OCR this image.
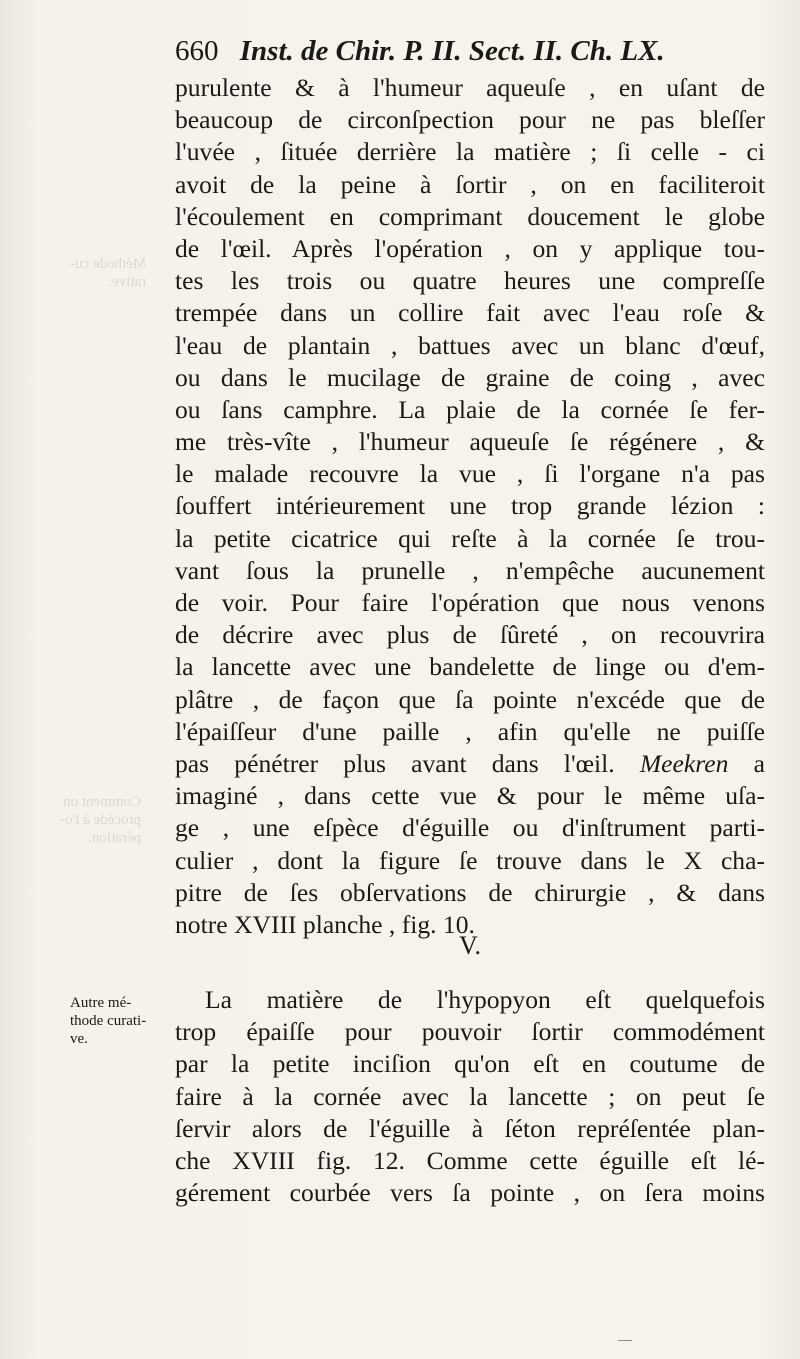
660 Inst. de Chir. P. II. Sect. II. Ch. LX.
purulente & à l'humeur aqueuſe , en uſant de
beaucoup de circonſpection pour ne pas bleſſer
l'uvée , ſituée derrière la matière ; ſi celle - ci
avoit de la peine à ſortir , on en faciliteroit
l'écoulement en comprimant doucement le globe
de l'œil. Après l'opération , on y applique tou-
tes les trois ou quatre heures une compreſſe
trempée dans un collire fait avec l'eau roſe &
l'eau de plantain , battues avec un blanc d'œuf,
ou dans le mucilage de graine de coing , avec
ou ſans camphre. La plaie de la cornée ſe fer-
me très-vîte , l'humeur aqueuſe ſe régénere , &
le malade recouvre la vue , ſi l'organe n'a pas
ſouffert intérieurement une trop grande lézion :
la petite cicatrice qui reſte à la cornée ſe trou-
vant ſous la prunelle , n'empêche aucunement
de voir. Pour faire l'opération que nous venons
de décrire avec plus de ſûreté , on recouvrira
la lancette avec une bandelette de linge ou d'em-
plâtre , de façon que ſa pointe n'excéde que de
l'épaiſſeur d'une paille , afin qu'elle ne puiſſe
pas pénétrer plus avant dans l'œil. Meekren a
imaginé , dans cette vue & pour le même uſa-
ge , une eſpèce d'éguille ou d'inſtrument parti-
culier , dont la figure ſe trouve dans le X cha-
pitre de ſes obſervations de chirurgie , & dans
notre XVIII planche , fig. 10.
V.
La matière de l'hypopyon eſt quelquefois
trop épaiſſe pour pouvoir ſortir commodément
par la petite inciſion qu'on eſt en coutume de
faire à la cornée avec la lancette ; on peut ſe
ſervir alors de l'éguille à ſéton repréſentée plan-
che XVIII fig. 12. Comme cette éguille eſt lé-
gérement courbée vers ſa pointe , on ſera moins
Autre mé-
thode curati-
ve.
Méthode cu-
rative.
Comment on
procède à l'o-
pération.
